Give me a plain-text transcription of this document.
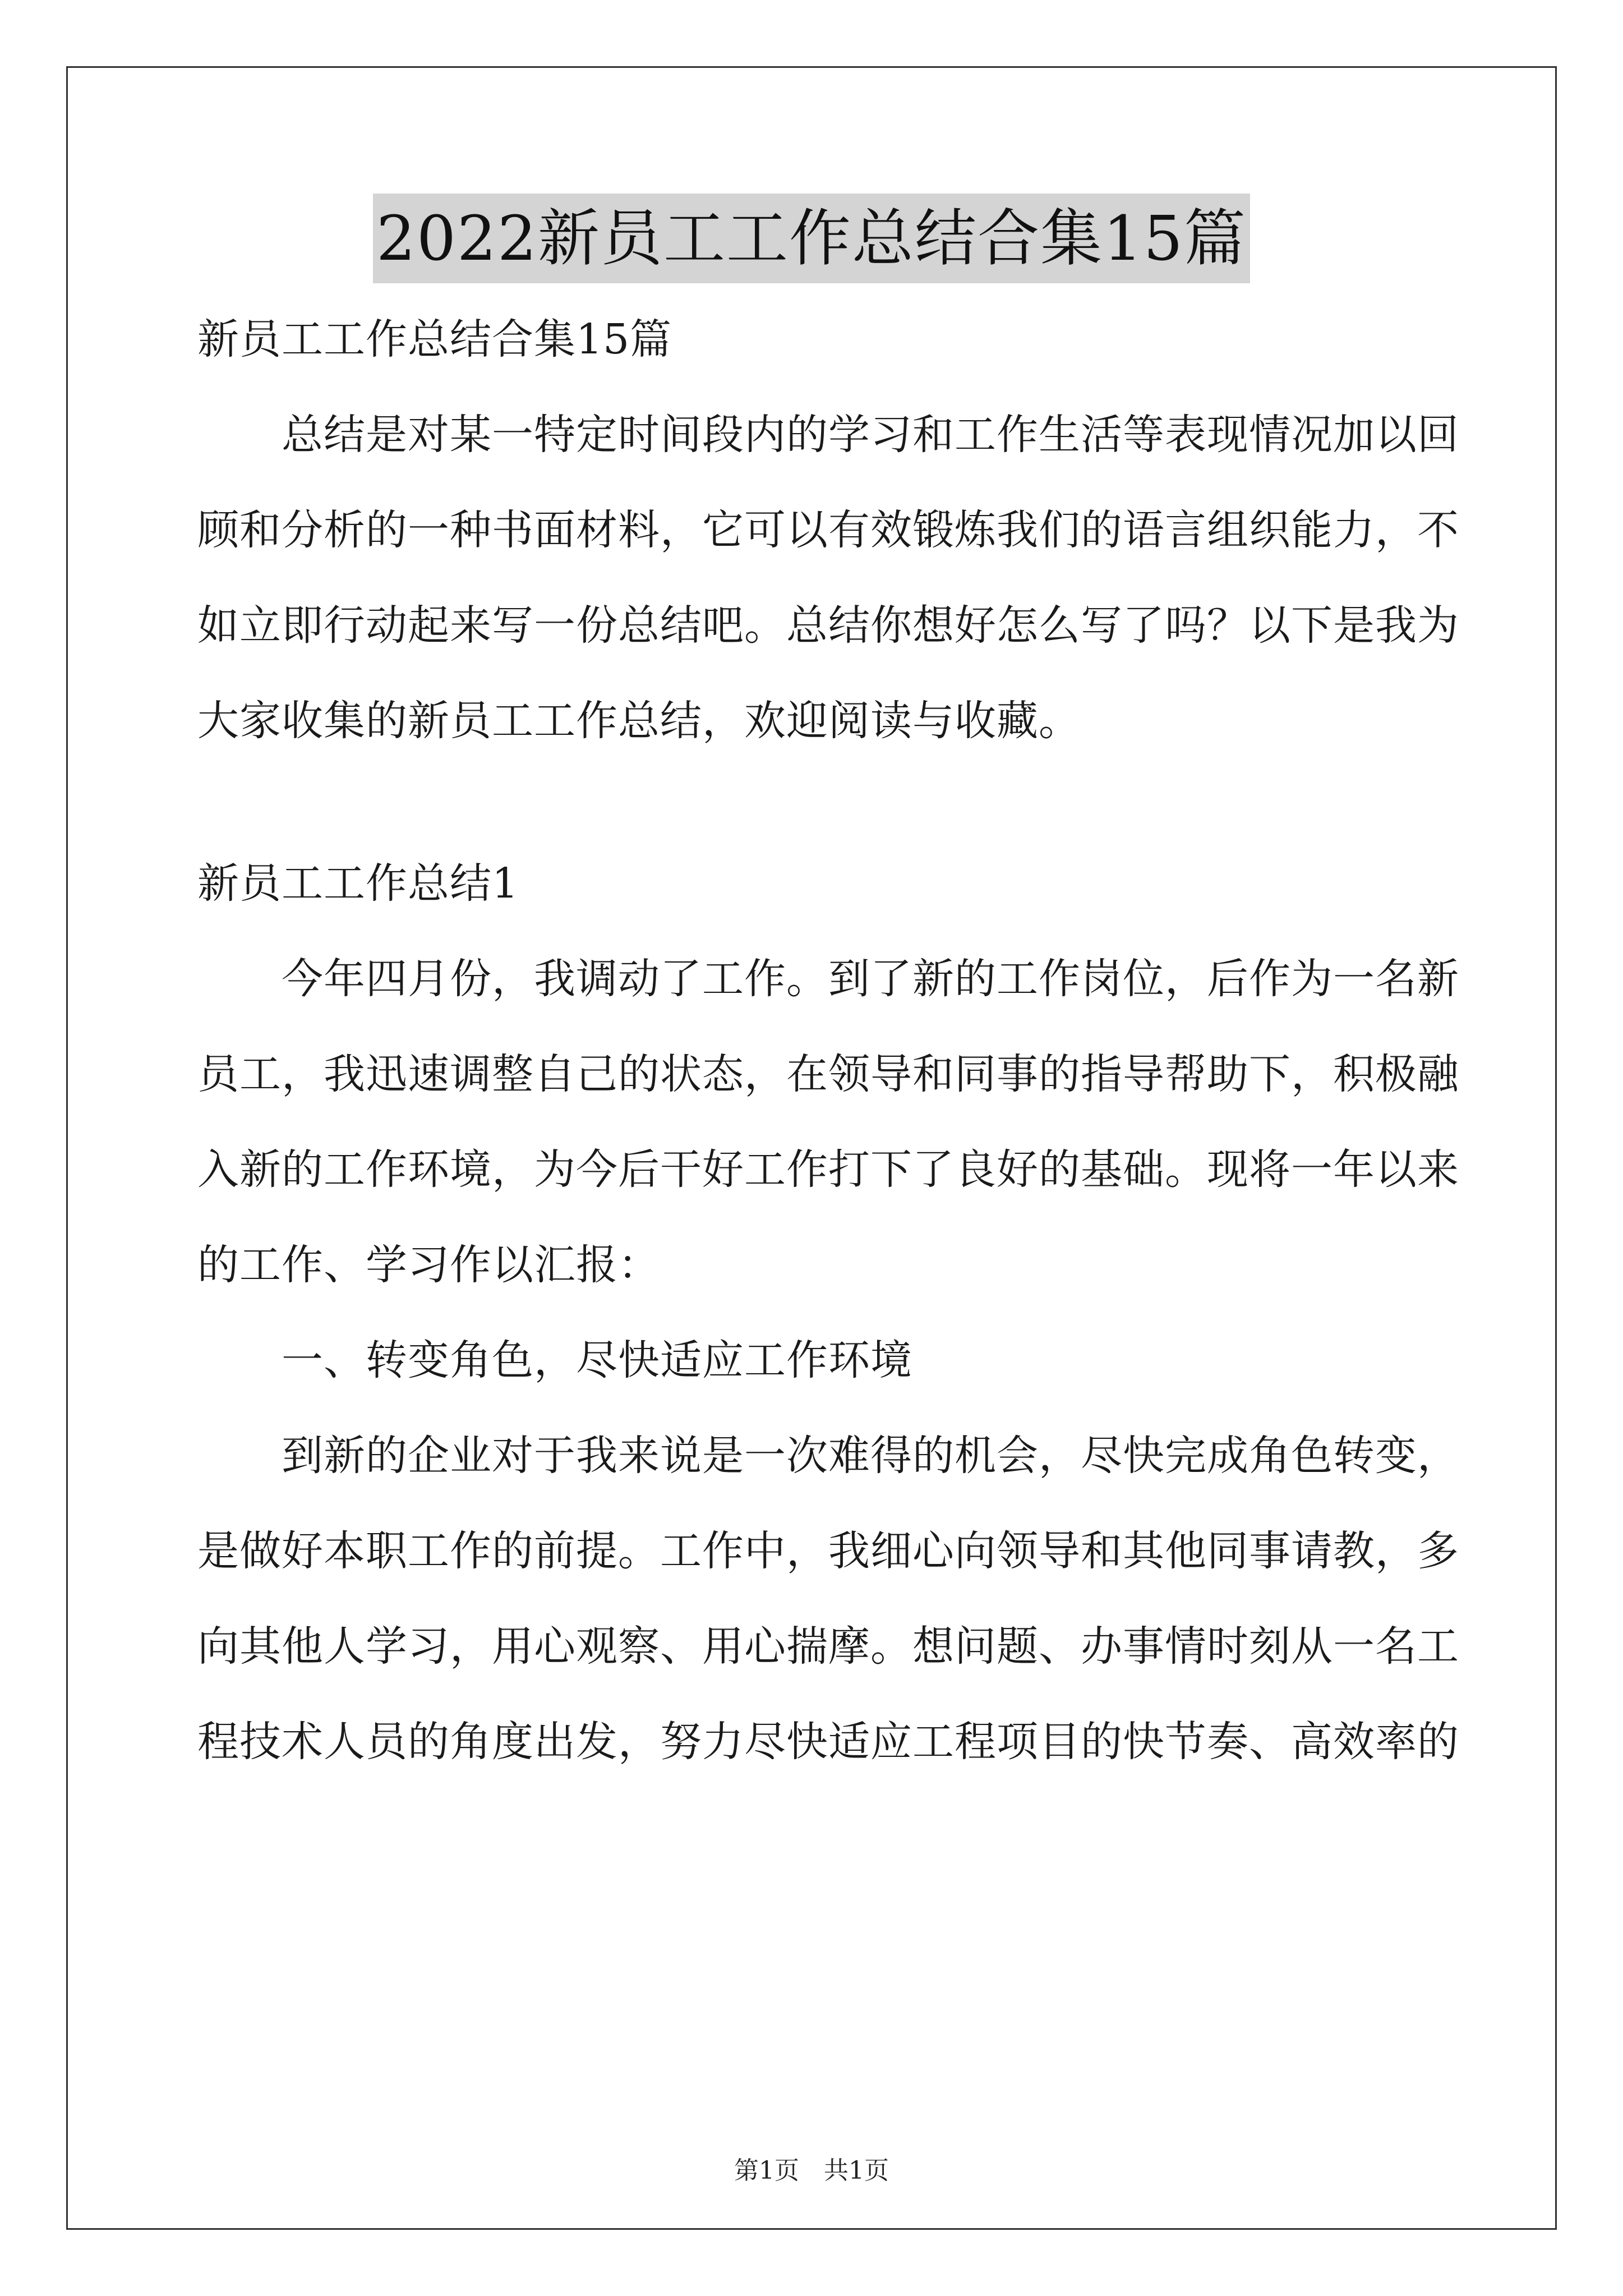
2022新员工工作总结合集15篇
新员工工作总结合集15篇
总结是对某一特定时间段内的学习和工作生活等表现情况加以回
顾和分析的一种书面材料，它可以有效锻炼我们的语言组织能力，不
如立即行动起来写一份总结吧。总结你想好怎么写了吗？以下是我为
大家收集的新员工工作总结，欢迎阅读与收藏。
新员工工作总结1
今年四月份，我调动了工作。到了新的工作岗位，后作为一名新
员工，我迅速调整自己的状态，在领导和同事的指导帮助下，积极融
入新的工作环境，为今后干好工作打下了良好的基础。现将一年以来
的工作、学习作以汇报：
一、转变角色，尽快适应工作环境
到新的企业对于我来说是一次难得的机会，尽快完成角色转变，
是做好本职工作的前提。工作中，我细心向领导和其他同事请教，多
向其他人学习，用心观察、用心揣摩。想问题、办事情时刻从一名工
程技术人员的角度出发，努力尽快适应工程项目的快节奏、高效率的
第1页　共1页
